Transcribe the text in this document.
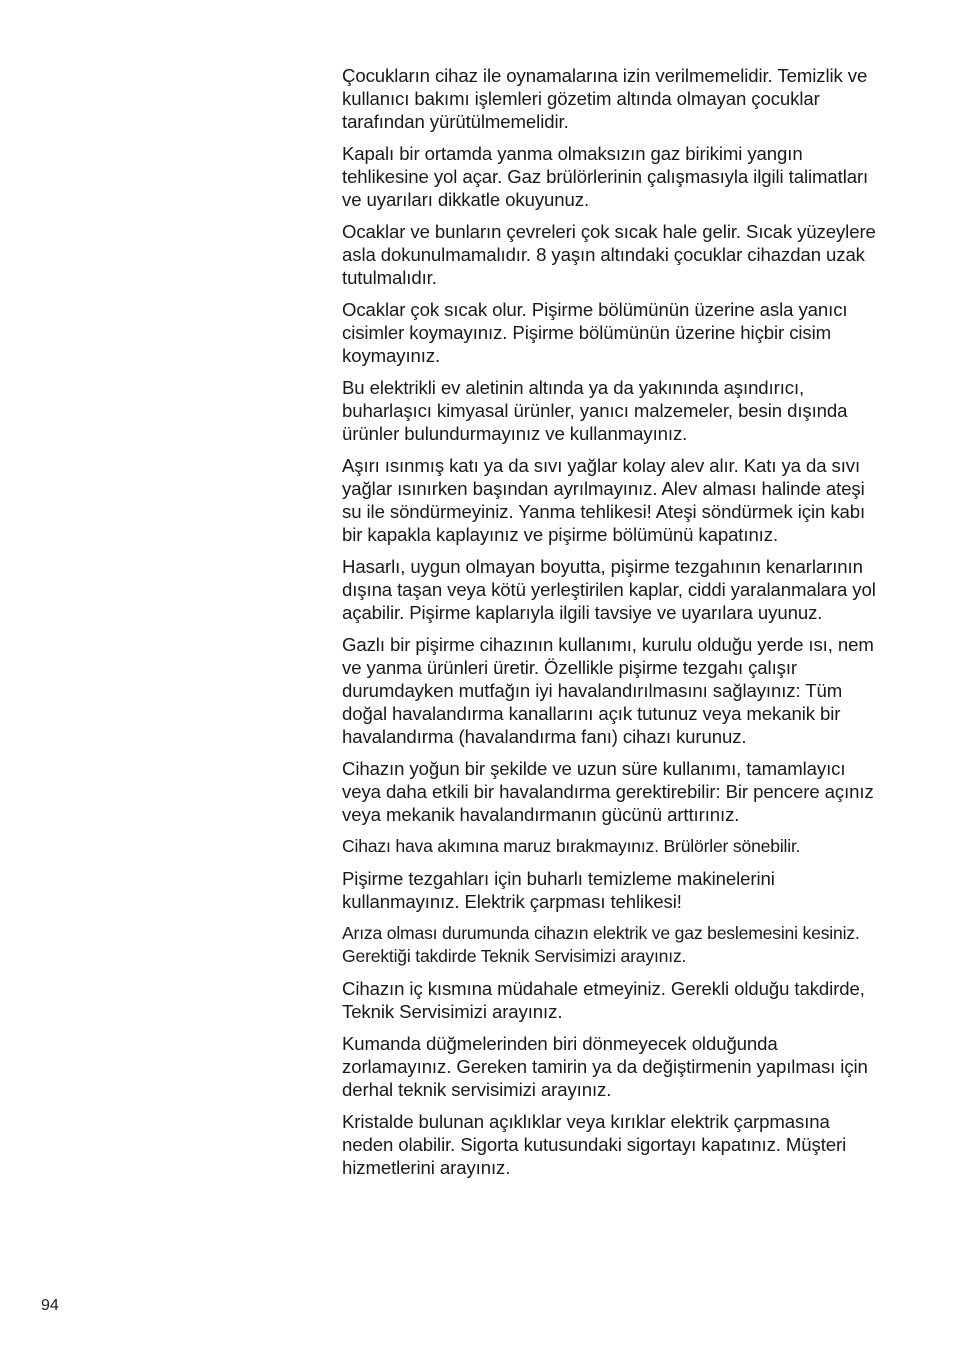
Çocukların cihaz ile oynamalarına izin verilmemelidir. Temizlik ve kullanıcı bakımı işlemleri gözetim altında olmayan çocuklar tarafından yürütülmemelidir.

Kapalı bir ortamda yanma olmaksızın gaz birikimi yangın tehlikesine yol açar. Gaz brülörlerinin çalışmasıyla ilgili talimatları ve uyarıları dikkatle okuyunuz.

Ocaklar ve bunların çevreleri çok sıcak hale gelir. Sıcak yüzeylere asla dokunulmamalıdır. 8 yaşın altındaki çocuklar cihazdan uzak tutulmalıdır.

Ocaklar çok sıcak olur. Pişirme bölümünün üzerine asla yanıcı cisimler koymayınız. Pişirme bölümünün üzerine hiçbir cisim koymayınız.

Bu elektrikli ev aletinin altında ya da yakınında aşındırıcı, buharlaşıcı kimyasal ürünler, yanıcı malzemeler, besin dışında ürünler bulundurmayınız ve kullanmayınız.

Aşırı ısınmış katı ya da sıvı yağlar kolay alev alır. Katı ya da sıvı yağlar ısınırken başından ayrılmayınız. Alev alması halinde ateşi su ile söndürmeyiniz. Yanma tehlikesi! Ateşi söndürmek için kabı bir kapakla kaplayınız ve pişirme bölümünü kapatınız.

Hasarlı, uygun olmayan boyutta, pişirme tezgahının kenarlarının dışına taşan veya kötü yerleştirilen kaplar, ciddi yaralanmalara yol açabilir. Pişirme kaplarıyla ilgili tavsiye ve uyarılara uyunuz.

Gazlı bir pişirme cihazının kullanımı, kurulu olduğu yerde ısı, nem ve yanma ürünleri üretir. Özellikle pişirme tezgahı çalışır durumdayken mutfağın iyi havalandırılmasını sağlayınız: Tüm doğal havalandırma kanallarını açık tutunuz veya mekanik bir havalandırma (havalandırma fanı) cihazı kurunuz.

Cihazın yoğun bir şekilde ve uzun süre kullanımı, tamamlayıcı veya daha etkili bir havalandırma gerektirebilir: Bir pencere açınız veya mekanik havalandırmanın gücünü arttırınız.

Cihazı hava akımına maruz bırakmayınız. Brülörler sönebilir.

Pişirme tezgahları için buharlı temizleme makinelerini kullanmayınız. Elektrik çarpması tehlikesi!

Arıza olması durumunda cihazın elektrik ve gaz beslemesini kesiniz. Gerektiği takdirde Teknik Servisimizi arayınız.

Cihazın iç kısmına müdahale etmeyiniz. Gerekli olduğu takdirde, Teknik Servisimizi arayınız.

Kumanda düğmelerinden biri dönmeyecek olduğunda zorlamayınız. Gereken tamirin ya da değiştirmenin yapılması için derhal teknik servisimizi arayınız.

Kristalde bulunan açıklıklar veya kırıklar elektrik çarpmasına neden olabilir. Sigorta kutusundaki sigortayı kapatınız. Müşteri hizmetlerini arayınız.

94
